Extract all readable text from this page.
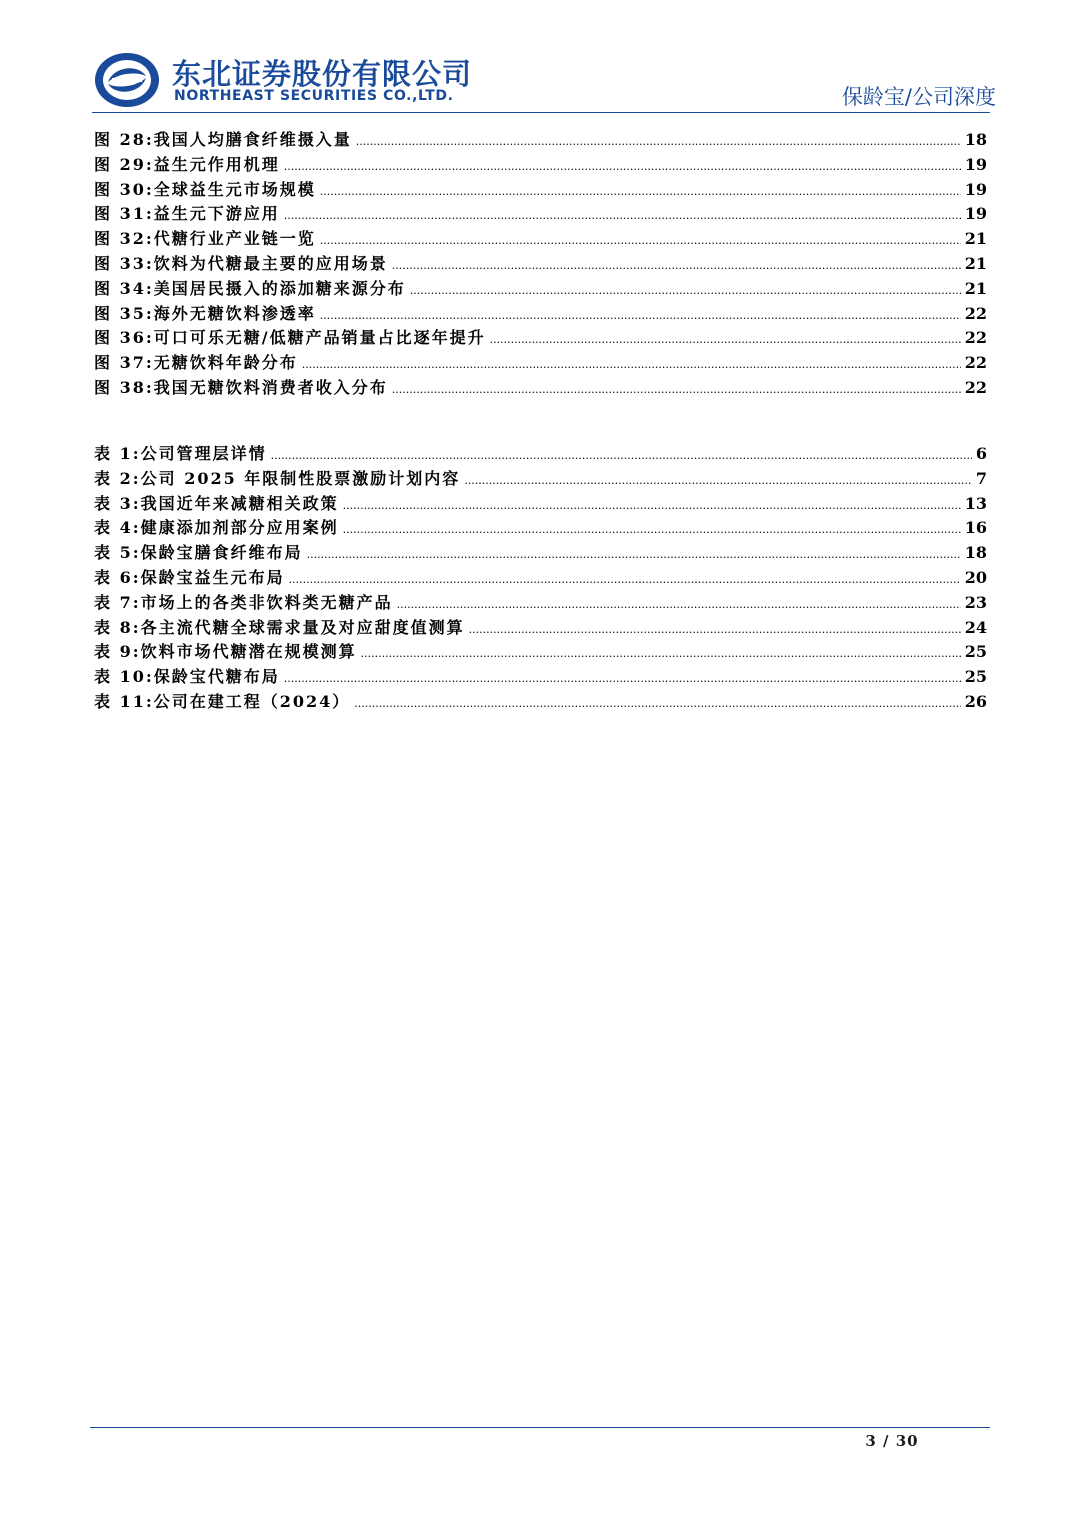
东北证券股份有限公司
NORTHEAST SECURITIES CO.,LTD.	保龄宝/公司深度
图 28: 我国人均膳食纤维摄入量 .....	18
图 29: 益生元作用机理 .....	19
图 30: 全球益生元市场规模 .....	19
图 31: 益生元下游应用 .....	19
图 32: 代糖行业产业链一览 .....	21
图 33: 饮料为代糖最主要的应用场景 .....	21
图 34: 美国居民摄入的添加糖来源分布 .....	21
图 35: 海外无糖饮料渗透率 .....	22
图 36: 可口可乐无糖/低糖产品销量占比逐年提升 .....	22
图 37: 无糖饮料年龄分布 .....	22
图 38: 我国无糖饮料消费者收入分布 .....	22
表 1: 公司管理层详情 .....	6
表 2: 公司 2025 年限制性股票激励计划内容 .....	7
表 3: 我国近年来减糖相关政策 .....	13
表 4: 健康添加剂部分应用案例 .....	16
表 5: 保龄宝膳食纤维布局 .....	18
表 6: 保龄宝益生元布局 .....	20
表 7: 市场上的各类非饮料类无糖产品 .....	23
表 8: 各主流代糖全球需求量及对应甜度值测算 .....	24
表 9: 饮料市场代糖潜在规模测算 .....	25
表 10: 保龄宝代糖布局 .....	25
表 11: 公司在建工程（2024） .....	26
3 / 30
